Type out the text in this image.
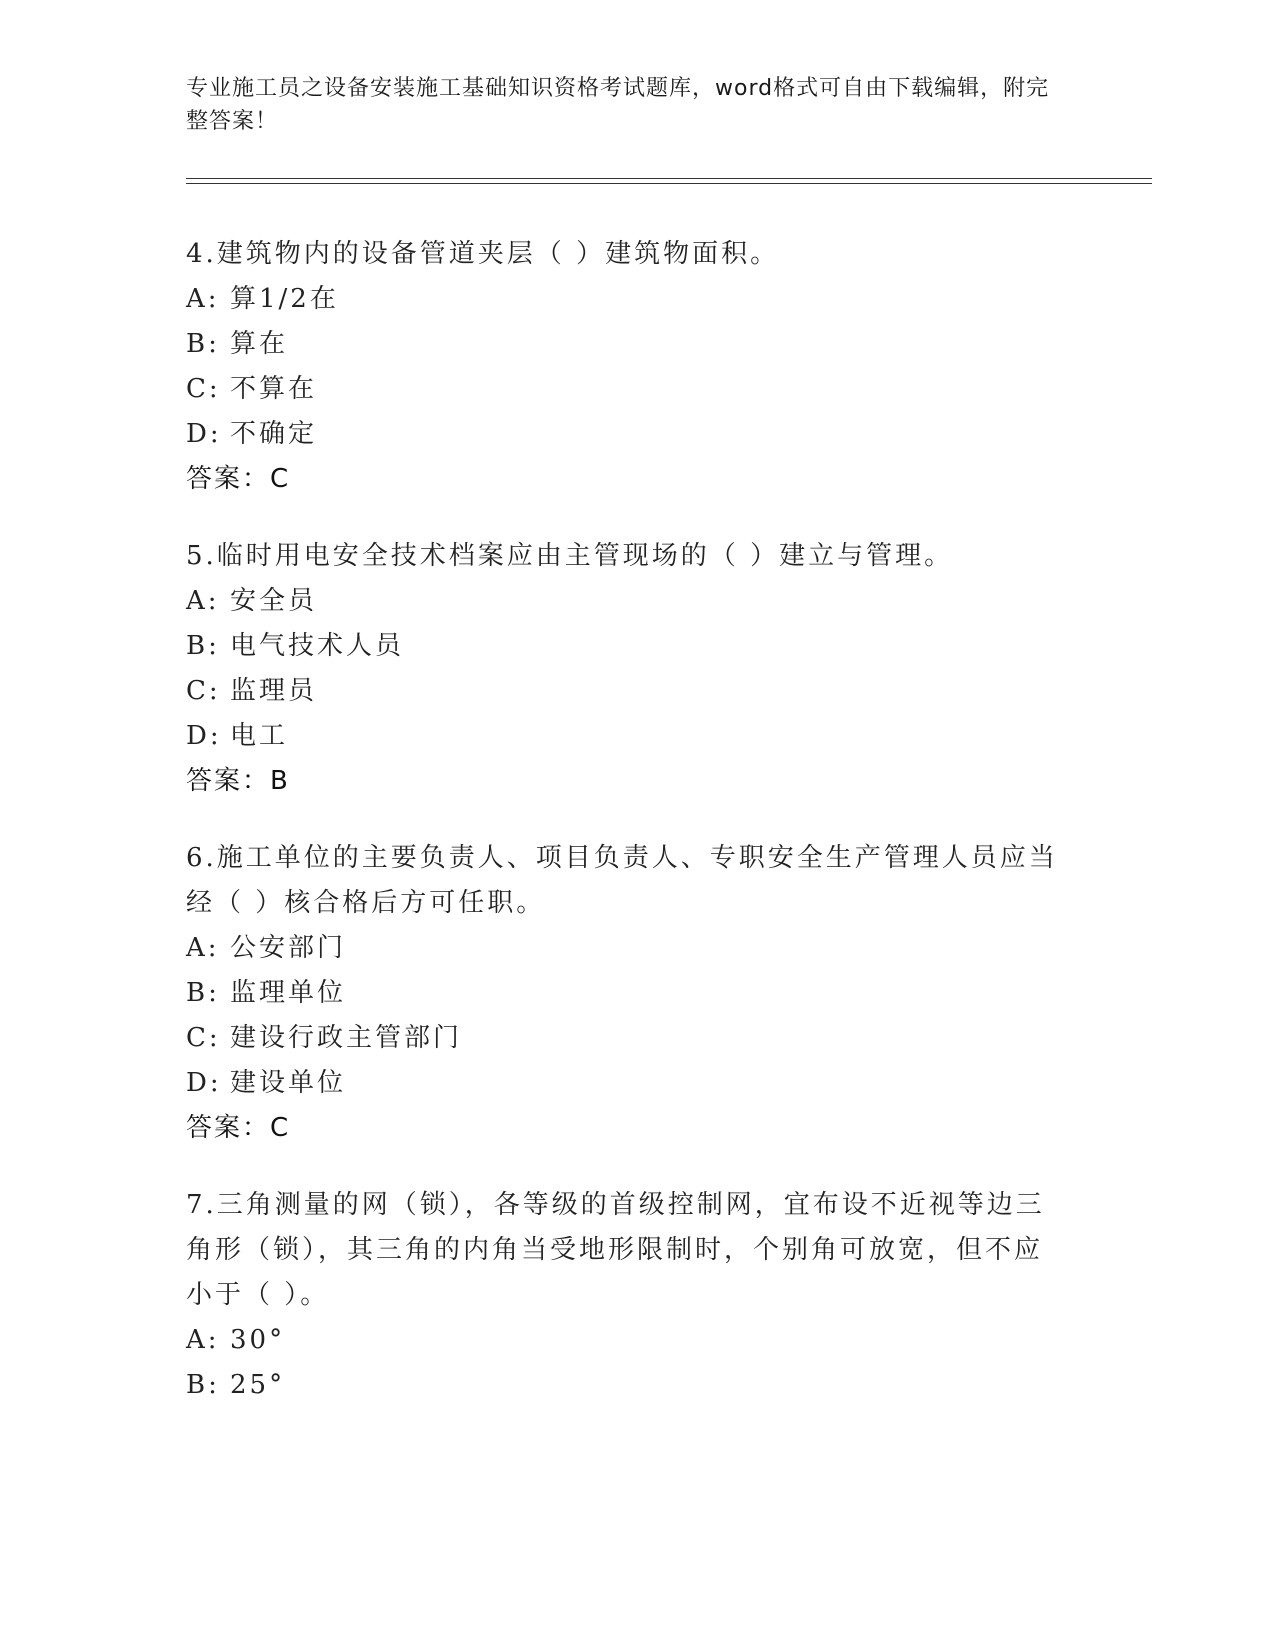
专业施工员之设备安装施工基础知识资格考试题库，word格式可自由下载编辑，附完整答案！

4.建筑物内的设备管道夹层（ ）建筑物面积。

A: 算1/2在

B: 算在

C: 不算在

D: 不确定

答案：C

5.临时用电安全技术档案应由主管现场的（ ）建立与管理。

A: 安全员

B: 电气技术人员

C: 监理员

D: 电工

答案：B

6.施工单位的主要负责人、项目负责人、专职安全生产管理人员应当经（ ）核合格后方可任职。

A: 公安部门

B: 监理单位

C: 建设行政主管部门

D: 建设单位

答案：C

7.三角测量的网（锁），各等级的首级控制网，宜布设不近视等边三角形（锁），其三角的内角当受地形限制时，个别角可放宽，但不应小于（ ）。

A: 30°

B: 25°
